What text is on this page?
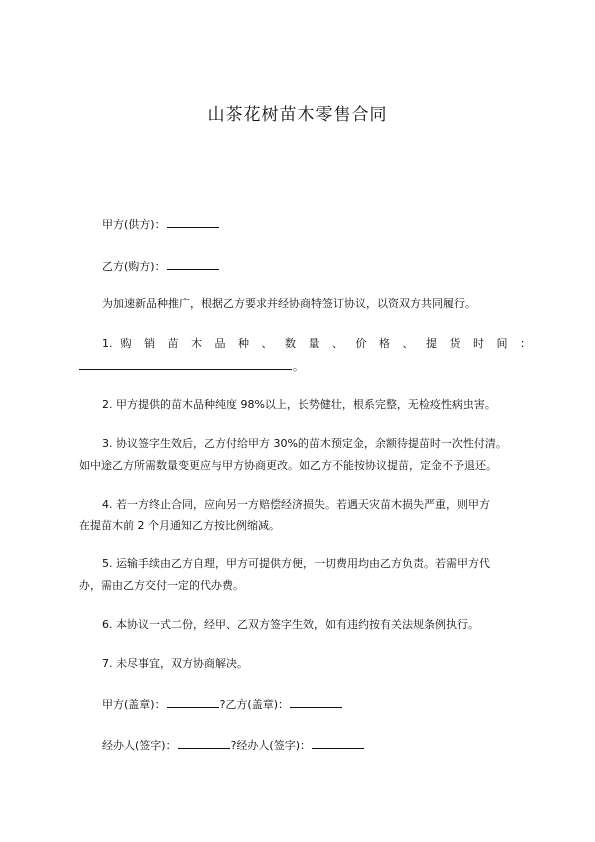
山茶花树苗木零售合同
甲方(供方)：
乙方(购方)：
为加速新品种推广，根据乙方要求并经协商特签订协议，以资双方共同履行。
1. 购 销 苗 木 品 种 、 数 量 、 价 格 、 提 货 时 间 ：
。
2. 甲方提供的苗木品种纯度 98%以上，长势健壮，根系完整，无检疫性病虫害。
3. 协议签字生效后，乙方付给甲方 30%的苗木预定金，余额待提苗时一次性付清。
如中途乙方所需数量变更应与甲方协商更改。如乙方不能按协议提苗，定金不予退还。
4. 若一方终止合同，应向另一方赔偿经济损失。若遇天灾苗木损失严重，则甲方
在提苗木前 2 个月通知乙方按比例缩减。
5. 运输手续由乙方自理，甲方可提供方便，一切费用均由乙方负责。若需甲方代
办，需由乙方交付一定的代办费。
6. 本协议一式二份，经甲、乙双方签字生效，如有违约按有关法规条例执行。
7. 未尽事宜，双方协商解决。
甲方(盖章)：	?乙方(盖章)：
经办人(签字)：	?经办人(签字)：
